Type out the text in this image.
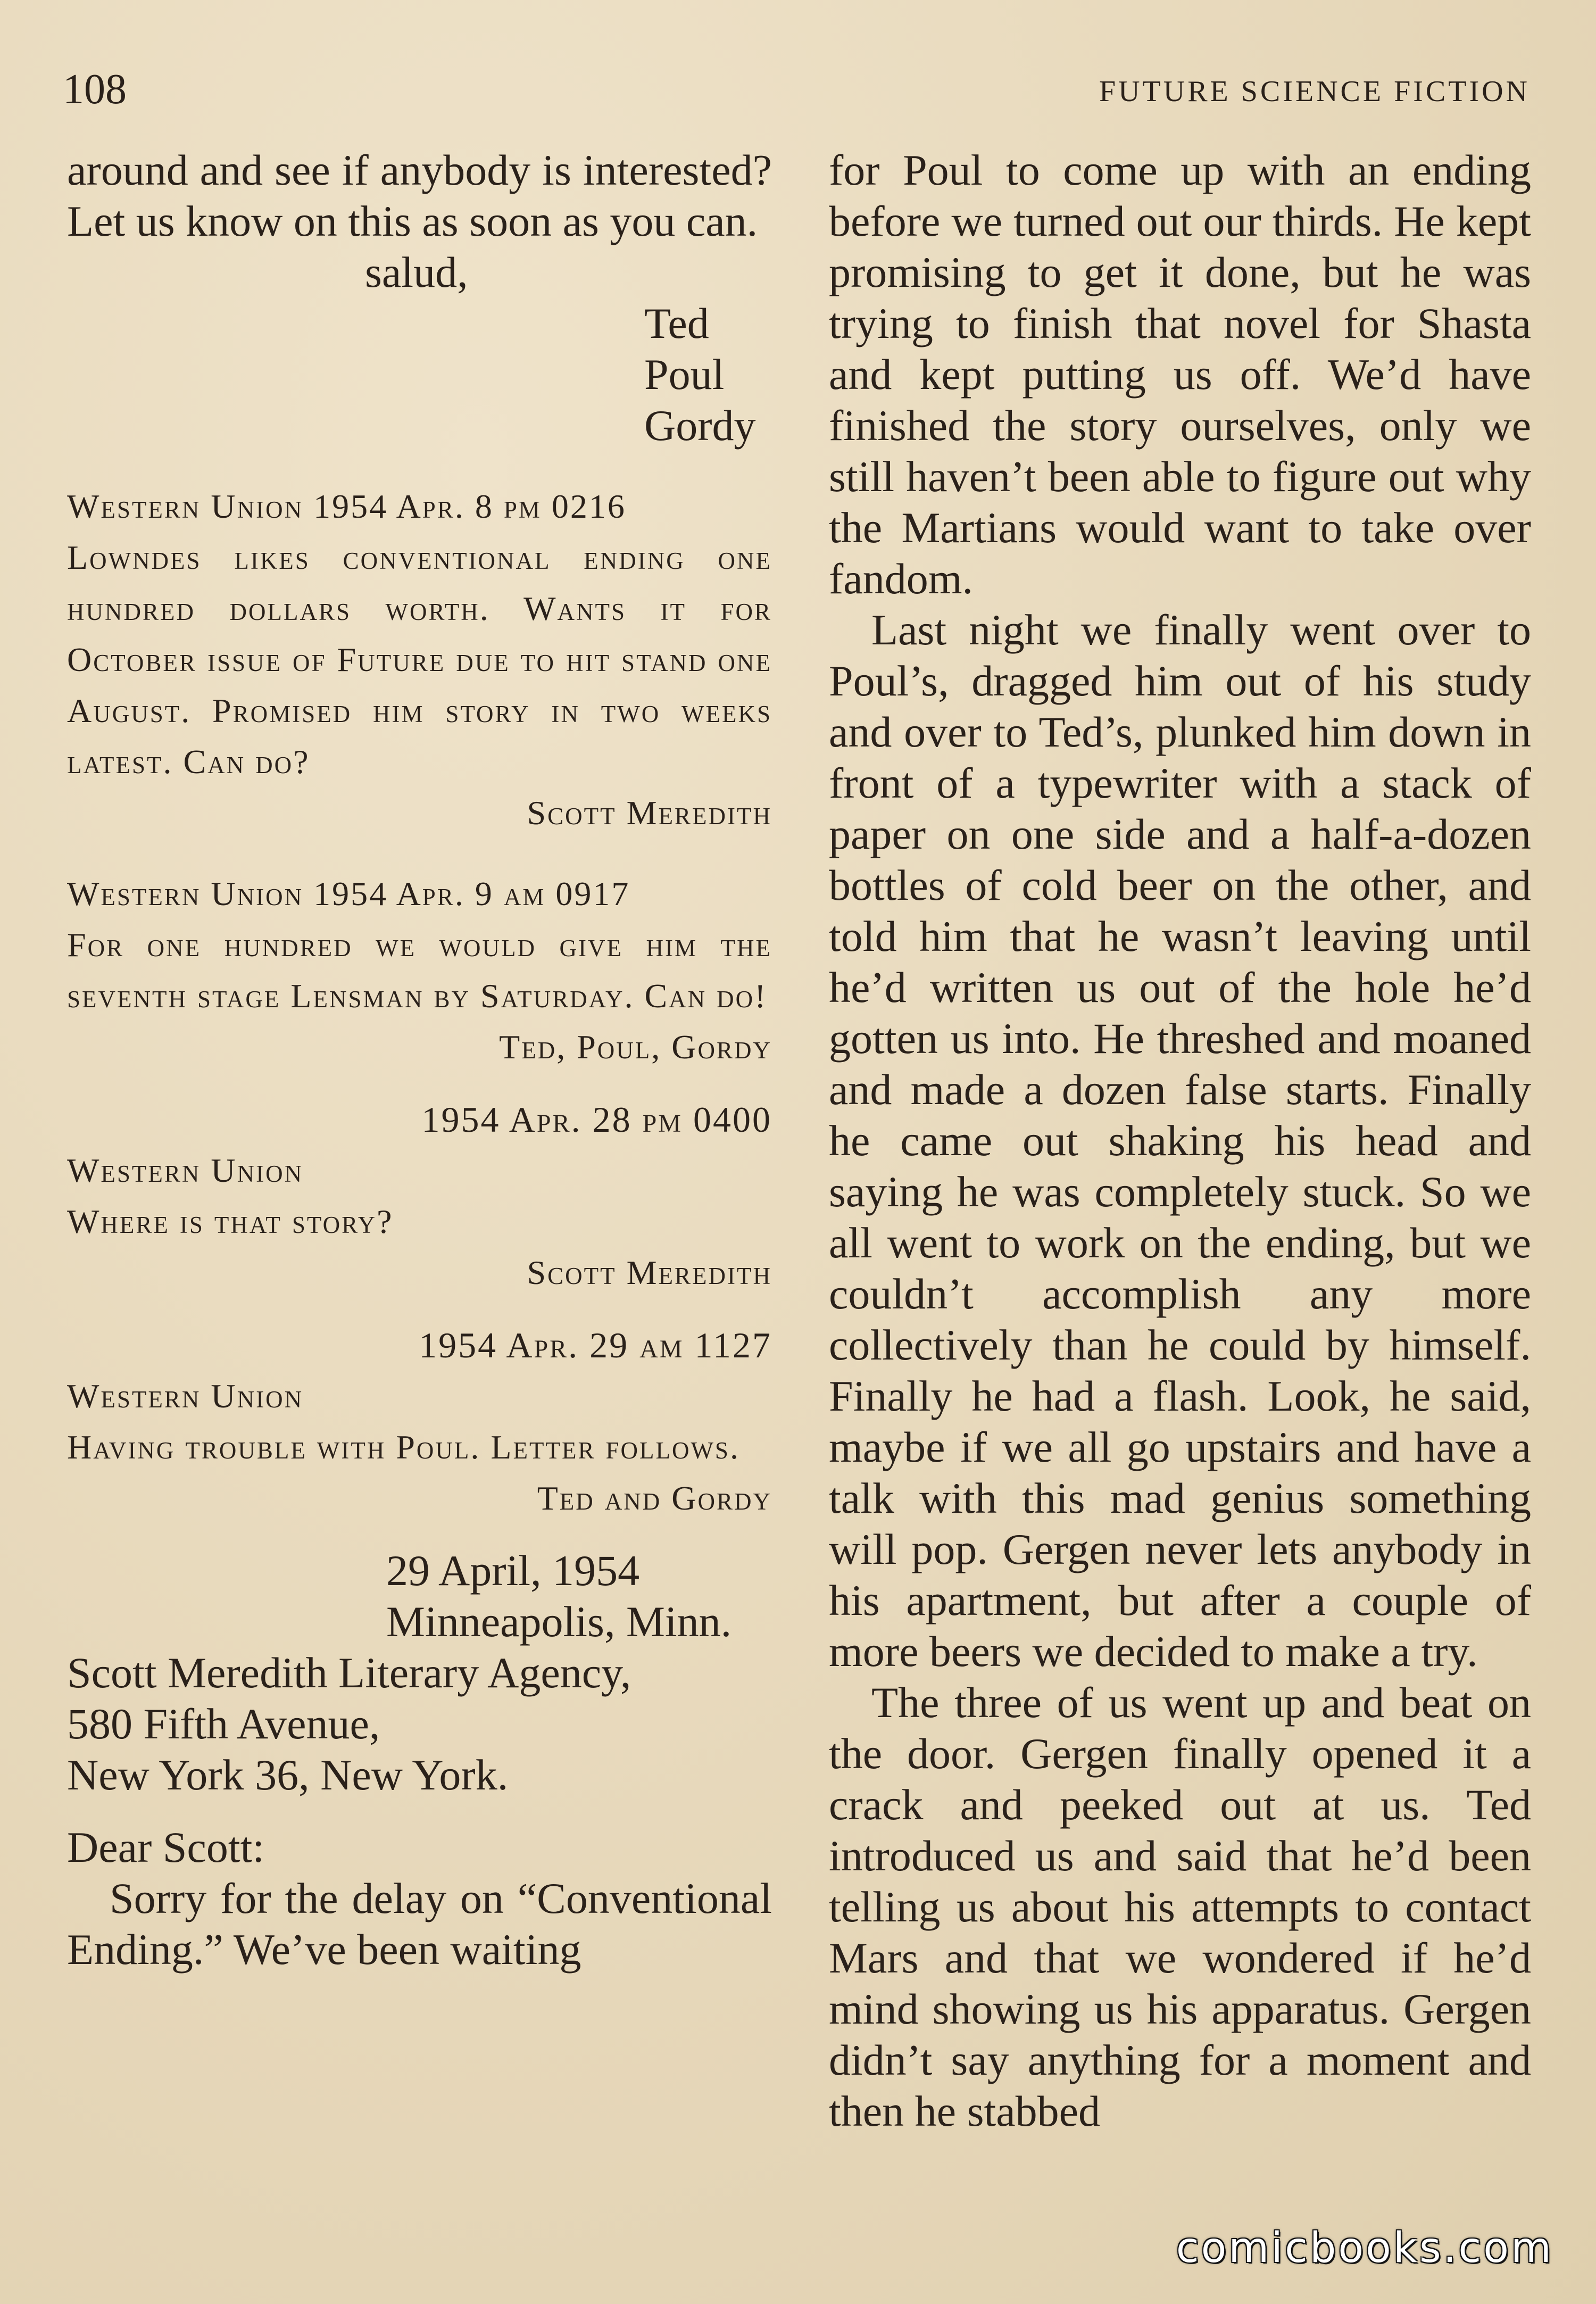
108	FUTURE SCIENCE FICTION

around and see if anybody is interested? Let us know on this as soon as you can.

salud,
Ted
Poul
Gordy

Western Union 1954 Apr. 8 pm 0216

Lowndes likes conventional ending one hundred dollars worth. Wants it for October issue of Future due to hit stand one August. Promised him story in two weeks latest. Can do?

Scott Meredith

Western Union 1954 Apr. 9 am 0917

For one hundred we would give him the seventh stage Lensman by Saturday. Can do!

Ted, Poul, Gordy

1954 Apr. 28 pm 0400

Western Union

Where is that story?

Scott Meredith

1954 Apr. 29 am 1127

Western Union

Having trouble with Poul. Letter follows.

Ted and Gordy

29 April, 1954
Minneapolis, Minn.
Scott Meredith Literary Agency,
580 Fifth Avenue,
New York 36, New York.
Dear Scott:

Sorry for the delay on “Conventional Ending.” We’ve been waiting

for Poul to come up with an ending before we turned out our thirds. He kept promising to get it done, but he was trying to finish that novel for Shasta and kept putting us off. We’d have finished the story ourselves, only we still haven’t been able to figure out why the Martians would want to take over fandom.

Last night we finally went over to Poul’s, dragged him out of his study and over to Ted’s, plunked him down in front of a typewriter with a stack of paper on one side and a half-a-dozen bottles of cold beer on the other, and told him that he wasn’t leaving until he’d written us out of the hole he’d gotten us into. He threshed and moaned and made a dozen false starts. Finally he came out shaking his head and saying he was completely stuck. So we all went to work on the ending, but we couldn’t accomplish any more collectively than he could by himself. Finally he had a flash. Look, he said, maybe if we all go upstairs and have a talk with this mad genius something will pop. Gergen never lets anybody in his apartment, but after a couple of more beers we decided to make a try.

The three of us went up and beat on the door. Gergen finally opened it a crack and peeked out at us. Ted introduced us and said that he’d been telling us about his attempts to contact Mars and that we wondered if he’d mind showing us his apparatus. Gergen didn’t say anything for a moment and then he stabbed

comicbooks.com
